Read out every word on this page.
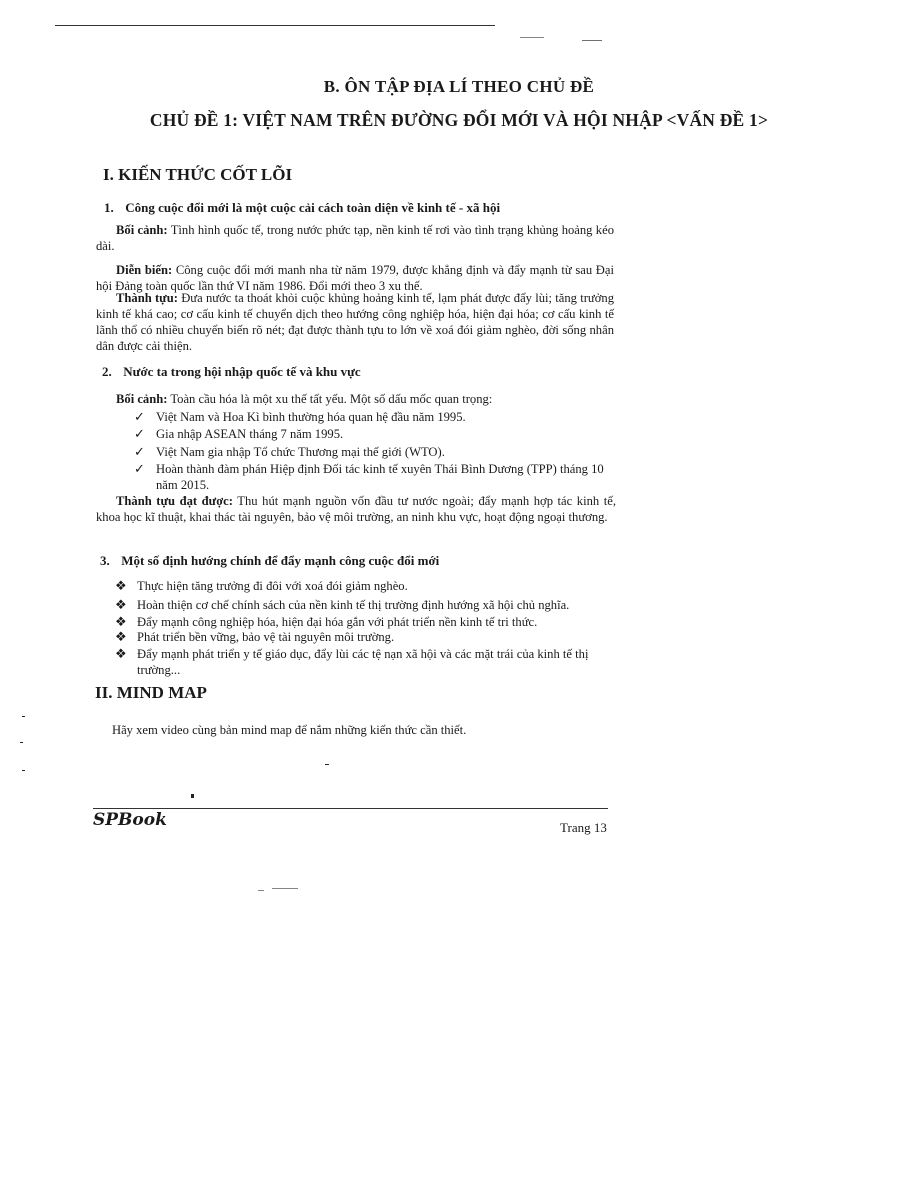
B. ÔN TẬP ĐỊA LÍ THEO CHỦ ĐỀ
CHỦ ĐỀ 1: VIỆT NAM TRÊN ĐƯỜNG ĐỔI MỚI VÀ HỘI NHẬP <VẤN ĐỀ 1>
I. KIẾN THỨC CỐT LÕI
1. Công cuộc đổi mới là một cuộc cải cách toàn diện về kinh tế - xã hội
Bối cảnh: Tình hình quốc tế, trong nước phức tạp, nền kinh tế rơi vào tình trạng khủng hoảng kéo dài.
Diễn biến: Công cuộc đổi mới manh nha từ năm 1979, được khẳng định và đẩy mạnh từ sau Đại hội Đảng toàn quốc lần thứ VI năm 1986. Đổi mới theo 3 xu thế.
Thành tựu: Đưa nước ta thoát khỏi cuộc khủng hoảng kinh tế, lạm phát được đẩy lùi; tăng trưởng kinh tế khá cao; cơ cấu kinh tế chuyển dịch theo hướng công nghiệp hóa, hiện đại hóa; cơ cấu kinh tế lãnh thổ có nhiều chuyển biến rõ nét; đạt được thành tựu to lớn về xoá đói giảm nghèo, đời sống nhân dân được cải thiện.
2. Nước ta trong hội nhập quốc tế và khu vực
Bối cảnh: Toàn cầu hóa là một xu thế tất yếu. Một số dấu mốc quan trọng:
✓ Việt Nam và Hoa Kì bình thường hóa quan hệ đầu năm 1995.
✓ Gia nhập ASEAN tháng 7 năm 1995.
✓ Việt Nam gia nhập Tổ chức Thương mại thế giới (WTO).
✓ Hoàn thành đàm phán Hiệp định Đối tác kinh tế xuyên Thái Bình Dương (TPP) tháng 10 năm 2015.
Thành tựu đạt được: Thu hút mạnh nguồn vốn đầu tư nước ngoài; đẩy mạnh hợp tác kinh tế, khoa học kĩ thuật, khai thác tài nguyên, bảo vệ môi trường, an ninh khu vực, hoạt động ngoại thương.
3. Một số định hướng chính để đẩy mạnh công cuộc đổi mới
❖ Thực hiện tăng trưởng đi đôi với xoá đói giảm nghèo.
❖ Hoàn thiện cơ chế chính sách của nền kinh tế thị trường định hướng xã hội chủ nghĩa.
❖ Đẩy mạnh công nghiệp hóa, hiện đại hóa gắn với phát triển nền kinh tế tri thức.
❖ Phát triển bền vững, bảo vệ tài nguyên môi trường.
❖ Đẩy mạnh phát triển y tế giáo dục, đẩy lùi các tệ nạn xã hội và các mặt trái của kinh tế thị trường...
II. MIND MAP
Hãy xem video cùng bản mind map để nắm những kiến thức cần thiết.
SPBook	Trang 13
